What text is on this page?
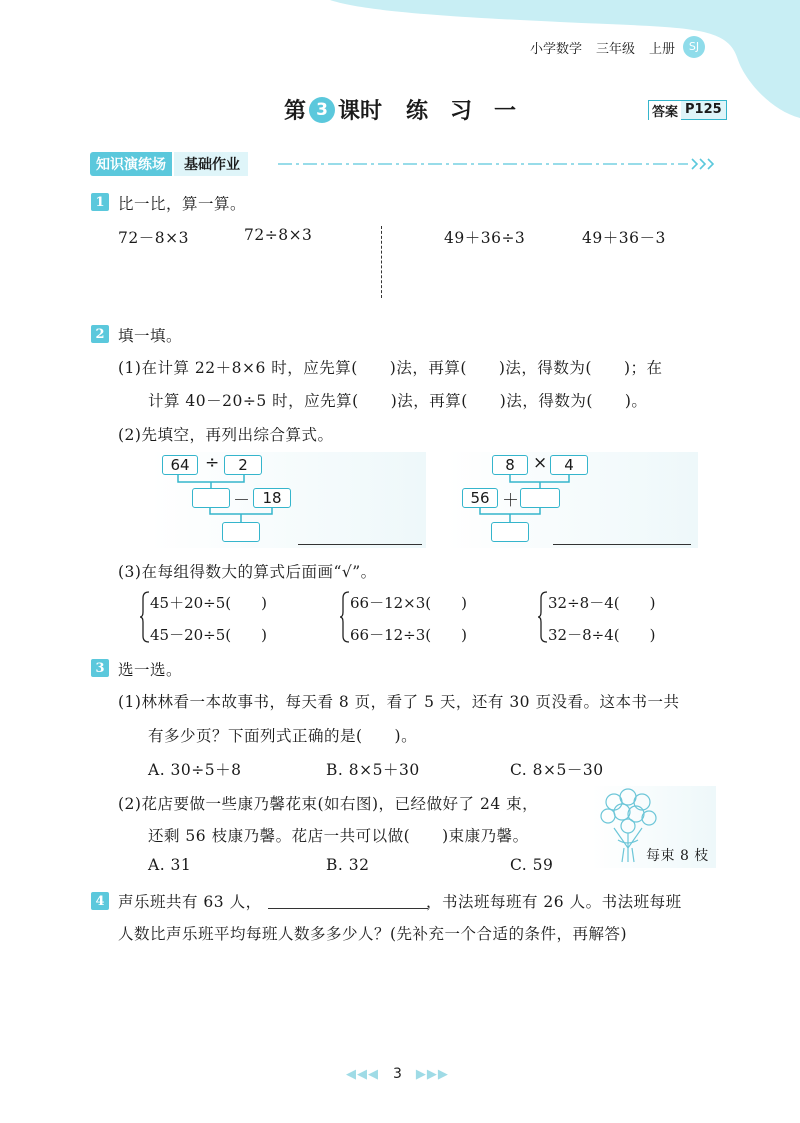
小学数学 三年级 上册	SJ
第 3 课时 练　习　一	答案 P125
知识演练场	基础作业
1 比一比，算一算。
72－8×3	72÷8×3	49＋36÷3	49＋36－3
2 填一填。
(1)在计算 22＋8×6 时，应先算(　　)法，再算(　　)法，得数为(　　)；在
计算 40－20÷5 时，应先算(　　)法，再算(　　)法，得数为(　　)。
(2)先填空，再列出综合算式。
64 ÷	2
－ 18
8	×	4
56 ＋
(3)在每组得数大的算式后面画“√”。
45＋20÷5(　　)
45－20÷5(　　)
66－12×3(　　)
66－12÷3(　　)
32÷8－4(　　)
32－8÷4(　　)
3 选一选。
(1)林林看一本故事书，每天看 8 页，看了 5 天，还有 30 页没看。这本书一共
有多少页？下面列式正确的是(　　)。
A. 30÷5＋8	B. 8×5＋30	C. 8×5－30
(2)花店要做一些康乃馨花束(如右图)，已经做好了 24 束，
还剩 56 枝康乃馨。花店一共可以做(　　)束康乃馨。
A. 31	B. 32	C. 59	每束 8 枝
4 声乐班共有 63 人，	，书法班每班有 26 人。书法班每班
人数比声乐班平均每班人数多多少人？(先补充一个合适的条件，再解答)
◀◀◀ 3 ▶▶▶
